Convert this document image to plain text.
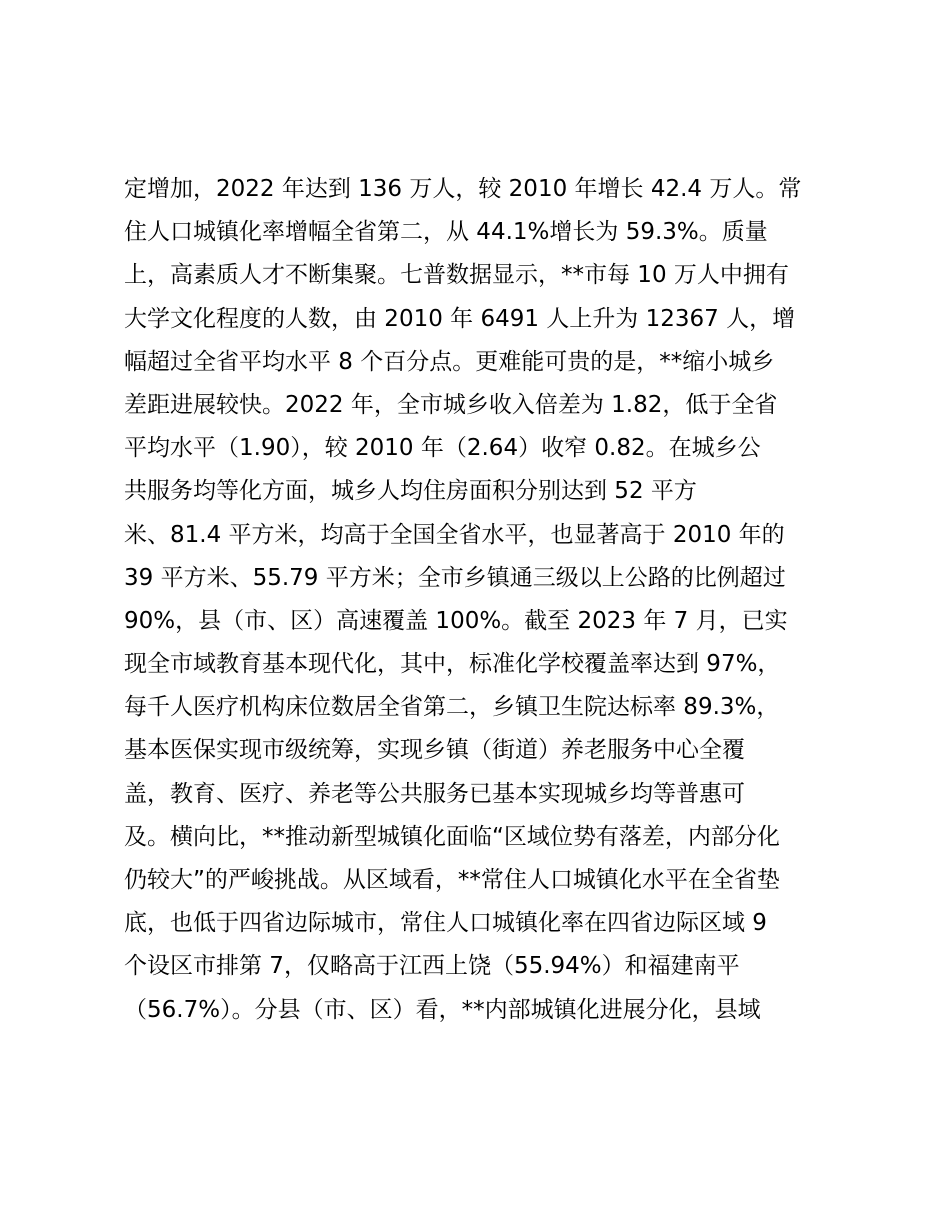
定增加，2022 年达到 136 万人，较 2010 年增长 42.4 万人。常
住人口城镇化率增幅全省第二，从 44.1%增长为 59.3%。质量
上，高素质人才不断集聚。七普数据显示，**市每 10 万人中拥有
大学文化程度的人数，由 2010 年 6491 人上升为 12367 人，增
幅超过全省平均水平 8 个百分点。更难能可贵的是，**缩小城乡
差距进展较快。2022 年，全市城乡收入倍差为 1.82，低于全省
平均水平（1.90），较 2010 年（2.64）收窄 0.82。在城乡公
共服务均等化方面，城乡人均住房面积分别达到 52 平方
米、81.4 平方米，均高于全国全省水平，也显著高于 2010 年的
39 平方米、55.79 平方米；全市乡镇通三级以上公路的比例超过
90%，县（市、区）高速覆盖 100%。截至 2023 年 7 月，已实
现全市域教育基本现代化，其中，标准化学校覆盖率达到 97%，
每千人医疗机构床位数居全省第二，乡镇卫生院达标率 89.3%，
基本医保实现市级统筹，实现乡镇（街道）养老服务中心全覆
盖，教育、医疗、养老等公共服务已基本实现城乡均等普惠可
及。横向比，**推动新型城镇化面临“区域位势有落差，内部分化
仍较大”的严峻挑战。从区域看，**常住人口城镇化水平在全省垫
底，也低于四省边际城市，常住人口城镇化率在四省边际区域 9
个设区市排第 7，仅略高于江西上饶（55.94%）和福建南平
（56.7%）。分县（市、区）看，**内部城镇化进展分化，县域
